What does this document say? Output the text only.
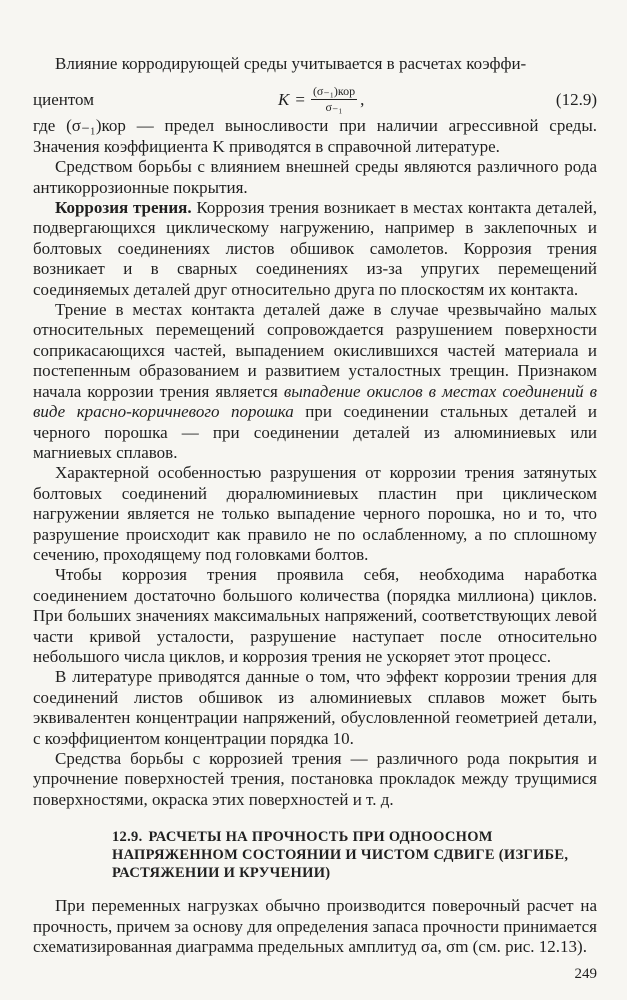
Влияние корродирующей среды учитывается в расчетах коэффи-

циентом	$K = \frac{\text{(σ₋₁)кор}}{\text{σ₋₁}}$ ,	(12.9)

где (σ₋₁)кор — предел выносливости при наличии агрессивной среды. Значения коэффициента K приводятся в справочной литературе.

Средством борьбы с влиянием внешней среды являются различного рода антикоррозионные покрытия.

Коррозия трения. Коррозия трения возникает в местах контакта деталей, подвергающихся циклическому нагружению, например в заклепочных и болтовых соединениях листов обшивок самолетов. Коррозия трения возникает и в сварных соединениях из-за упругих перемещений соединяемых деталей друг относительно друга по плоскостям их контакта.

Трение в местах контакта деталей даже в случае чрезвычайно малых относительных перемещений сопровождается разрушением поверхности соприкасающихся частей, выпадением окислившихся частей материала и постепенным образованием и развитием усталостных трещин. Признаком начала коррозии трения является выпадение окислов в местах соединений в виде красно-коричневого порошка при соединении стальных деталей и черного порошка — при соединении деталей из алюминиевых или магниевых сплавов.

Характерной особенностью разрушения от коррозии трения затянутых болтовых соединений дюралюминиевых пластин при циклическом нагружении является не только выпадение черного порошка, но и то, что разрушение происходит как правило не по ослабленному, а по сплошному сечению, проходящему под головками болтов.

Чтобы коррозия трения проявила себя, необходима наработка соединением достаточно большого количества (порядка миллиона) циклов. При больших значениях максимальных напряжений, соответствующих левой части кривой усталости, разрушение наступает после относительно небольшого числа циклов, и коррозия трения не ускоряет этот процесс.

В литературе приводятся данные о том, что эффект коррозии трения для соединений листов обшивок из алюминиевых сплавов может быть эквивалентен концентрации напряжений, обусловленной геометрией детали, с коэффициентом концентрации порядка 10.

Средства борьбы с коррозией трения — различного рода покрытия и упрочнение поверхностей трения, постановка прокладок между трущимися поверхностями, окраска этих поверхностей и т. д.

12.9. РАСЧЕТЫ НА ПРОЧНОСТЬ ПРИ ОДНООСНОМ НАПРЯЖЕННОМ СОСТОЯНИИ И ЧИСТОМ СДВИГЕ (ИЗГИБЕ, РАСТЯЖЕНИИ И КРУЧЕНИИ)

При переменных нагрузках обычно производится поверочный расчет на прочность, причем за основу для определения запаса прочности принимается схематизированная диаграмма предельных амплитуд σa, σm (см. рис. 12.13).

249
